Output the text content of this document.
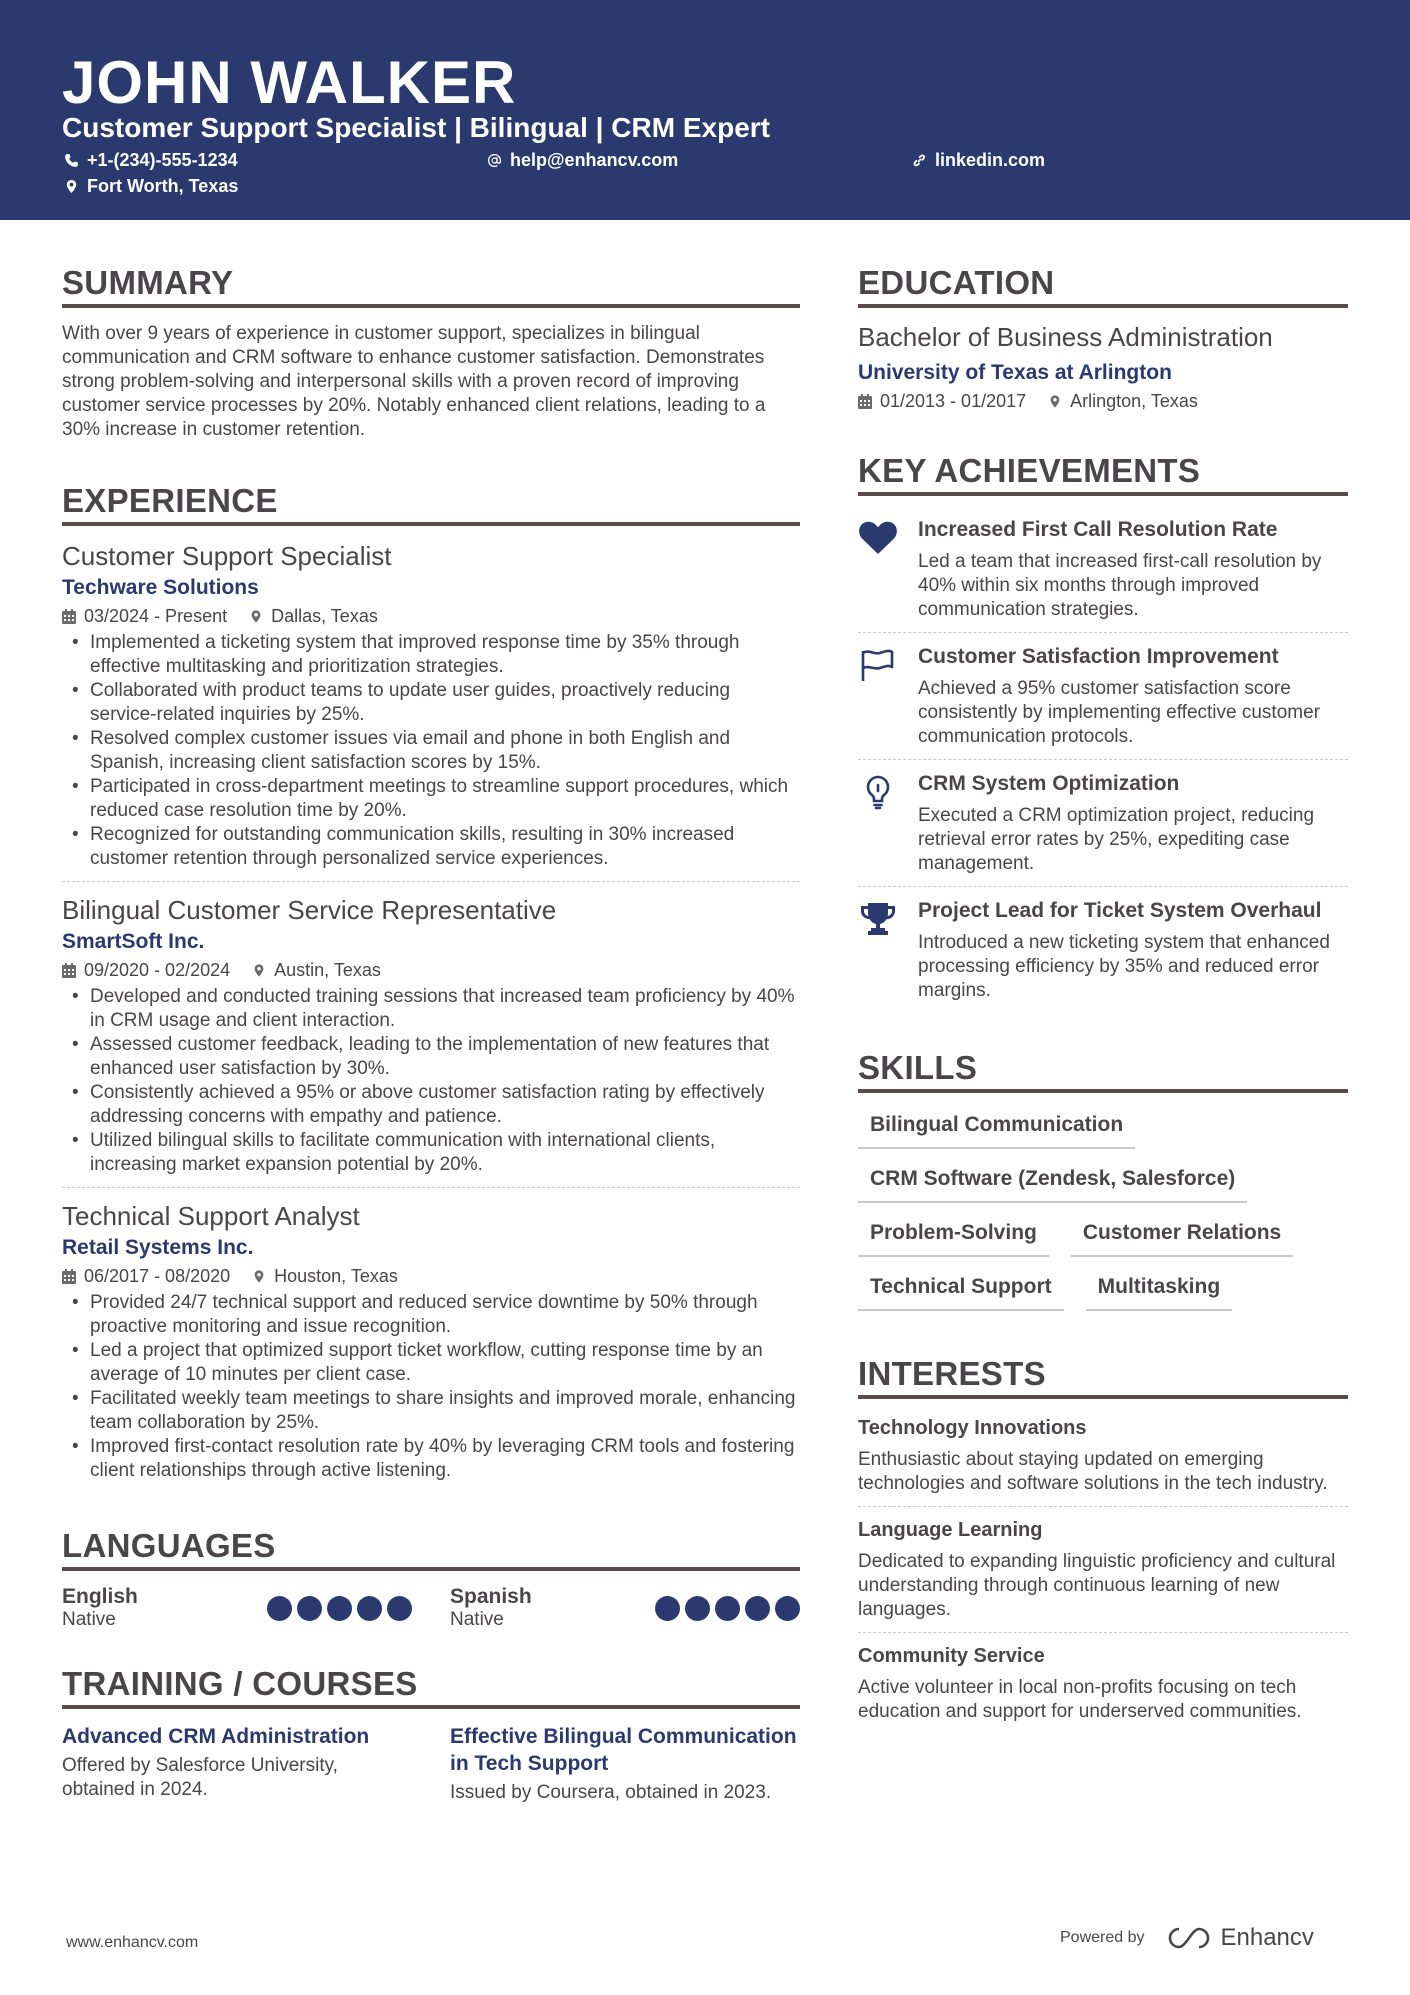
JOHN WALKER
Customer Support Specialist | Bilingual | CRM Expert
+1-(234)-555-1234	help@enhancv.com	linkedin.com
Fort Worth, Texas
SUMMARY

With over 9 years of experience in customer support, specializes in bilingual communication and CRM software to enhance customer satisfaction. Demonstrates strong problem-solving and interpersonal skills with a proven record of improving customer service processes by 20%. Notably enhanced client relations, leading to a 30% increase in customer retention.

EXPERIENCE
Customer Support Specialist
Techware Solutions
03/2024 - Present Dallas, Texas
• Implemented a ticketing system that improved response time by 35% through effective multitasking and prioritization strategies.
• Collaborated with product teams to update user guides, proactively reducing service-related inquiries by 25%.
• Resolved complex customer issues via email and phone in both English and Spanish, increasing client satisfaction scores by 15%.
• Participated in cross-department meetings to streamline support procedures, which reduced case resolution time by 20%.
• Recognized for outstanding communication skills, resulting in 30% increased customer retention through personalized service experiences.
Bilingual Customer Service Representative
SmartSoft Inc.
09/2020 - 02/2024 Austin, Texas
• Developed and conducted training sessions that increased team proficiency by 40% in CRM usage and client interaction.
• Assessed customer feedback, leading to the implementation of new features that enhanced user satisfaction by 30%.
• Consistently achieved a 95% or above customer satisfaction rating by effectively addressing concerns with empathy and patience.
• Utilized bilingual skills to facilitate communication with international clients, increasing market expansion potential by 20%.
Technical Support Analyst
Retail Systems Inc.
06/2017 - 08/2020 Houston, Texas
• Provided 24/7 technical support and reduced service downtime by 50% through proactive monitoring and issue recognition.
• Led a project that optimized support ticket workflow, cutting response time by an average of 10 minutes per client case.
• Facilitated weekly team meetings to share insights and improved morale, enhancing team collaboration by 25%.
• Improved first-contact resolution rate by 40% by leveraging CRM tools and fostering client relationships through active listening.
LANGUAGES
English
Native
Spanish
Native
TRAINING / COURSES
Advanced CRM Administration
Offered by Salesforce University, obtained in 2024.
Effective Bilingual Communication in Tech Support
Issued by Coursera, obtained in 2023.
EDUCATION
Bachelor of Business Administration
University of Texas at Arlington
01/2013 - 01/2017 Arlington, Texas
KEY ACHIEVEMENTS
Increased First Call Resolution Rate
Led a team that increased first-call resolution by 40% within six months through improved communication strategies.
Customer Satisfaction Improvement
Achieved a 95% customer satisfaction score consistently by implementing effective customer communication protocols.
CRM System Optimization
Executed a CRM optimization project, reducing retrieval error rates by 25%, expediting case management.
Project Lead for Ticket System Overhaul
Introduced a new ticketing system that enhanced processing efficiency by 35% and reduced error margins.
SKILLS
Bilingual Communication
CRM Software (Zendesk, Salesforce)
Problem-Solving	Customer Relations
Technical Support	Multitasking
INTERESTS
Technology Innovations
Enthusiastic about staying updated on emerging technologies and software solutions in the tech industry.
Language Learning
Dedicated to expanding linguistic proficiency and cultural understanding through continuous learning of new languages.
Community Service
Active volunteer in local non-profits focusing on tech education and support for underserved communities.
www.enhancv.com	Powered by	Enhancv
